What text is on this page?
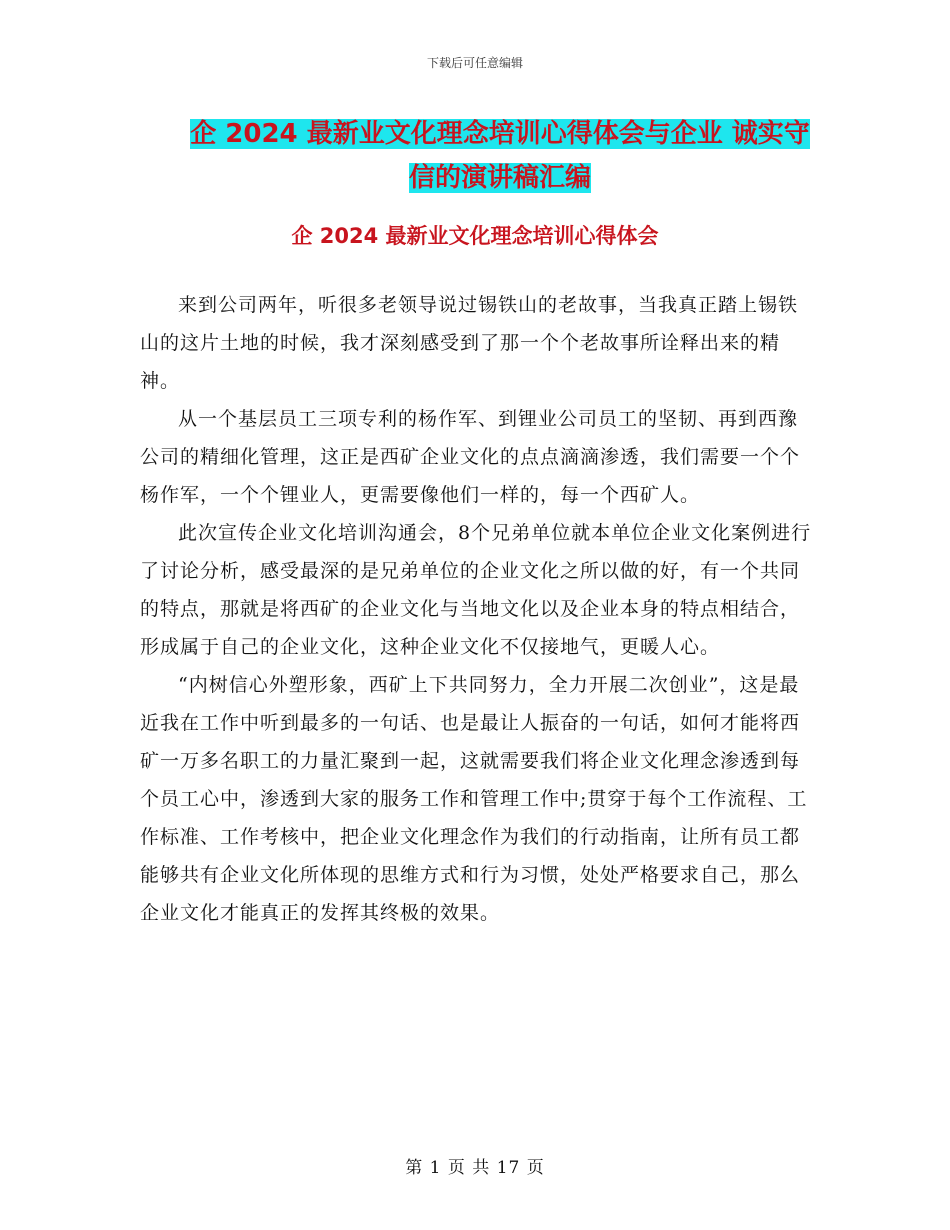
下载后可任意编辑
企 2024 最新业文化理念培训心得体会与企业 诚实守
信的演讲稿汇编
企 2024 最新业文化理念培训心得体会

来到公司两年，听很多老领导说过锡铁山的老故事，当我真正踏上锡铁山的这片土地的时候，我才深刻感受到了那一个个老故事所诠释出来的精神。

从一个基层员工三项专利的杨作军、到锂业公司员工的坚韧、再到西豫公司的精细化管理，这正是西矿企业文化的点点滴滴渗透，我们需要一个个杨作军，一个个锂业人，更需要像他们一样的，每一个西矿人。

此次宣传企业文化培训沟通会，8个兄弟单位就本单位企业文化案例进行了讨论分析，感受最深的是兄弟单位的企业文化之所以做的好，有一个共同的特点，那就是将西矿的企业文化与当地文化以及企业本身的特点相结合，形成属于自己的企业文化，这种企业文化不仅接地气，更暖人心。

“内树信心外塑形象，西矿上下共同努力，全力开展二次创业”，这是最近我在工作中听到最多的一句话、也是最让人振奋的一句话，如何才能将西矿一万多名职工的力量汇聚到一起，这就需要我们将企业文化理念渗透到每个员工心中，渗透到大家的服务工作和管理工作中;贯穿于每个工作流程、工作标准、工作考核中，把企业文化理念作为我们的行动指南，让所有员工都能够共有企业文化所体现的思维方式和行为习惯，处处严格要求自己，那么企业文化才能真正的发挥其终极的效果。

第 1 页 共 17 页
